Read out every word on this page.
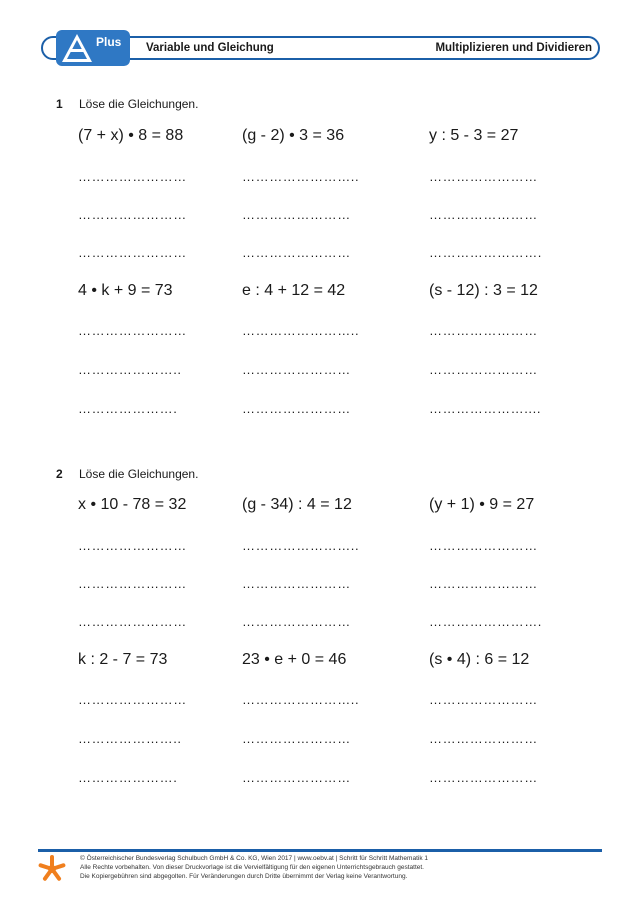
Plus Variable und Gleichung	Multiplizieren und Dividieren
1 Löse die Gleichungen.
(7 + x) • 8 = 88	(g - 2) • 3 = 36	y : 5 - 3 = 27
……………………	……………………..	……………………
……………………	……………………	……………………
……………………	……………………	…………………….
4 • k + 9 = 73	e : 4 + 12 = 42	(s - 12) : 3 = 12
……………………	……………………..	……………………
…………………..	……………………	……………………
………………….	……………………	…………………....
2 Löse die Gleichungen.
x • 10 - 78 = 32	(g - 34) : 4 = 12	(y + 1) • 9 = 27
……………………	……………………..	……………………
……………………	……………………	……………………
……………………	……………………	…………………….
k : 2 - 7 = 73	23 • e + 0 = 46	(s • 4) : 6 = 12
……………………	……………………..	……………………
…………………..	……………………	……………………
………………….	……………………	……………………
© Österreichischer Bundesverlag Schulbuch GmbH & Co. KG, Wien 2017 | www.oebv.at | Schritt für Schritt Mathematik 1
Alle Rechte vorbehalten. Von dieser Druckvorlage ist die Vervielfältigung für den eigenen Unterrichtsgebrauch gestattet.
Die Kopiergebühren sind abgegolten. Für Veränderungen durch Dritte übernimmt der Verlag keine Verantwortung.
